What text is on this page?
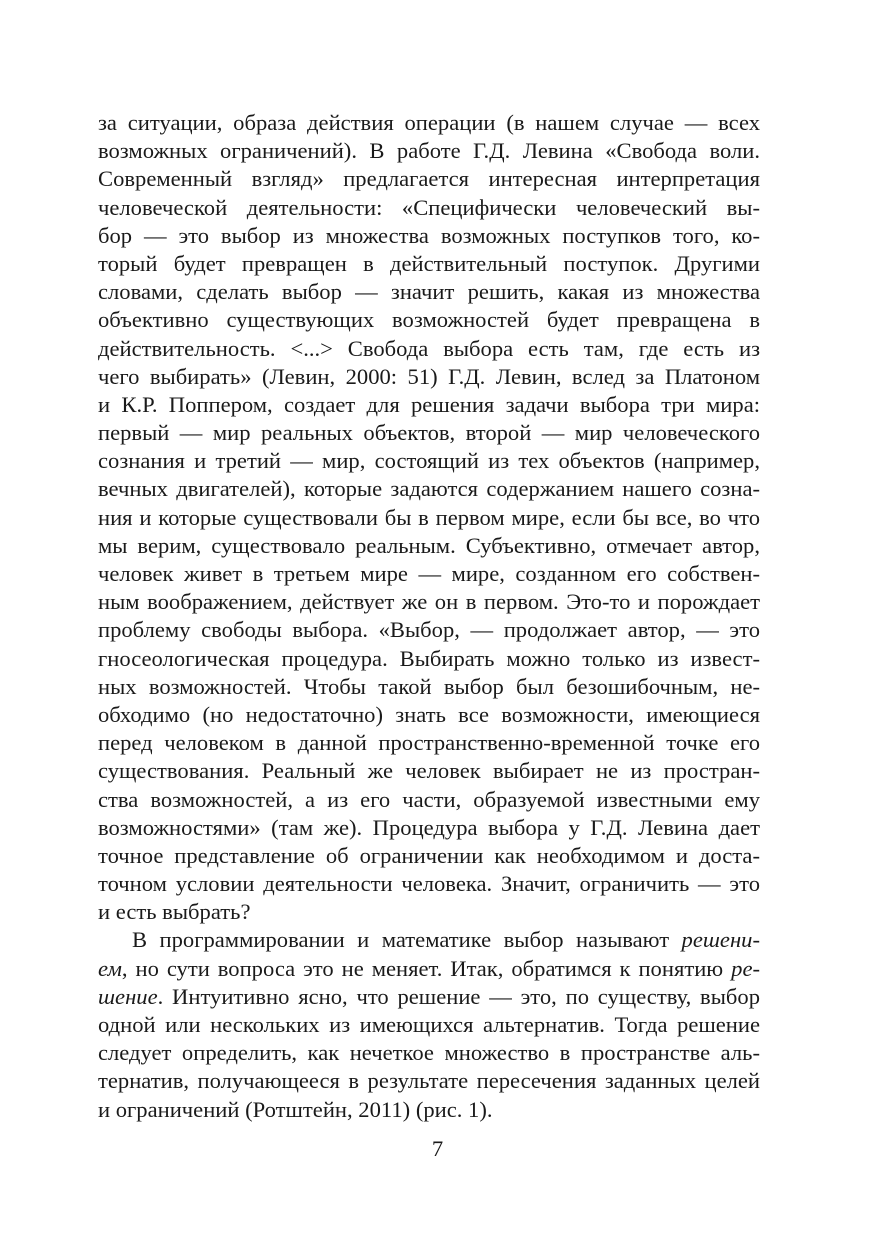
за ситуации, образа действия операции (в нашем случае — всех
возможных ограничений). В работе Г.Д. Левина «Свобода воли.
Современный взгляд» предлагается интересная интерпретация
человеческой деятельности: «Специфически человеческий вы-
бор — это выбор из множества возможных поступков того, ко-
торый будет превращен в действительный поступок. Другими
словами, сделать выбор — значит решить, какая из множества
объективно существующих возможностей будет превращена в
действительность. <...> Свобода выбора есть там, где есть из
чего выбирать» (Левин, 2000: 51) Г.Д. Левин, вслед за Платоном
и К.Р. Поппером, создает для решения задачи выбора три мира:
первый — мир реальных объектов, второй — мир человеческого
сознания и третий — мир, состоящий из тех объектов (например,
вечных двигателей), которые задаются содержанием нашего созна-
ния и которые существовали бы в первом мире, если бы все, во что
мы верим, существовало реальным. Субъективно, отмечает автор,
человек живет в третьем мире — мире, созданном его собствен-
ным воображением, действует же он в первом. Это-то и порождает
проблему свободы выбора. «Выбор, — продолжает автор, — это
гносеологическая процедура. Выбирать можно только из извест-
ных возможностей. Чтобы такой выбор был безошибочным, не-
обходимо (но недостаточно) знать все возможности, имеющиеся
перед человеком в данной пространственно-временной точке его
существования. Реальный же человек выбирает не из простран-
ства возможностей, а из его части, образуемой известными ему
возможностями» (там же). Процедура выбора у Г.Д. Левина дает
точное представление об ограничении как необходимом и доста-
точном условии деятельности человека. Значит, ограничить — это
и есть выбрать?
В программировании и математике выбор называют решени-
ем, но сути вопроса это не меняет. Итак, обратимся к понятию ре-
шение. Интуитивно ясно, что решение — это, по существу, выбор
одной или нескольких из имеющихся альтернатив. Тогда решение
следует определить, как нечеткое множество в пространстве аль-
тернатив, получающееся в результате пересечения заданных целей
и ограничений (Ротштейн, 2011) (рис. 1).
7
